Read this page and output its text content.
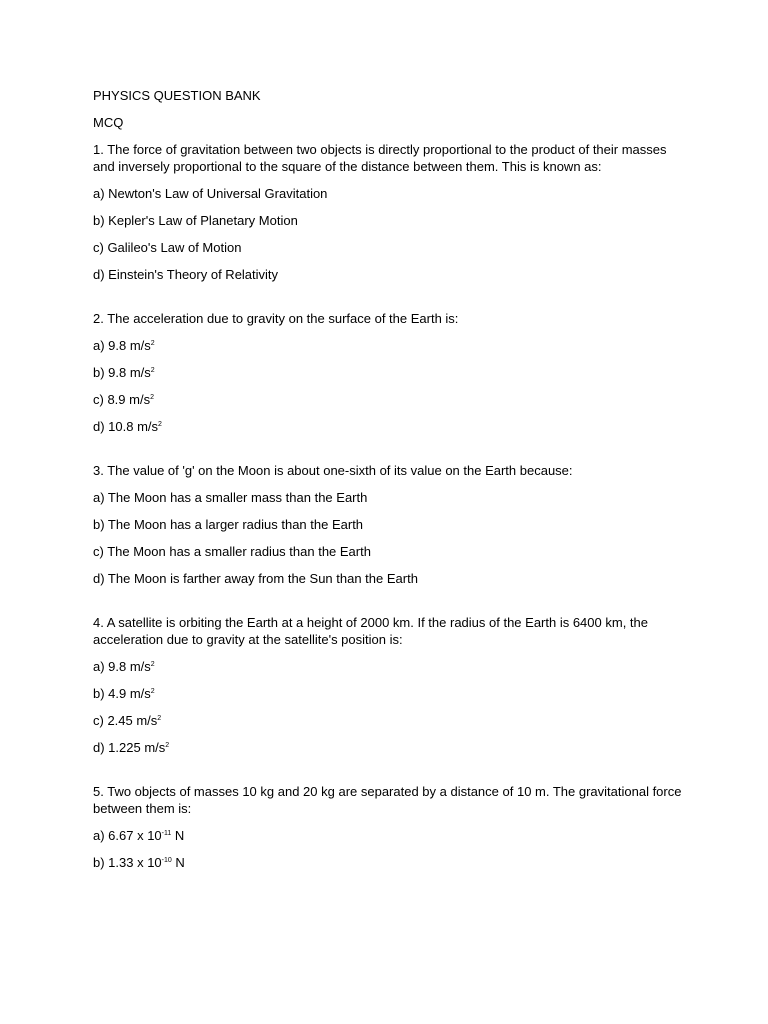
PHYSICS QUESTION BANK

MCQ

1. The force of gravitation between two objects is directly proportional to the product of their masses and inversely proportional to the square of the distance between them. This is known as:

a) Newton's Law of Universal Gravitation

b) Kepler's Law of Planetary Motion

c) Galileo's Law of Motion

d) Einstein's Theory of Relativity

2. The acceleration due to gravity on the surface of the Earth is:

a) 9.8 $m/s^2$

b) 9.8 $m/s^2$

c) 8.9 $m/s^2$

d) 10.8 $m/s^2$

3. The value of 'g' on the Moon is about one-sixth of its value on the Earth because:

a) The Moon has a smaller mass than the Earth

b) The Moon has a larger radius than the Earth

c) The Moon has a smaller radius than the Earth

d) The Moon is farther away from the Sun than the Earth

4. A satellite is orbiting the Earth at a height of 2000 km. If the radius of the Earth is 6400 km, the acceleration due to gravity at the satellite's position is:

a) 9.8 $m/s^2$

b) 4.9 $m/s^2$

c) 2.45 $m/s^2$

d) 1.225 $m/s^2$

5. Two objects of masses 10 kg and 20 kg are separated by a distance of 10 m. The gravitational force between them is:

a) 6.67 x $10^{-11}$ N

b) 1.33 x $10^{-10}$ N
